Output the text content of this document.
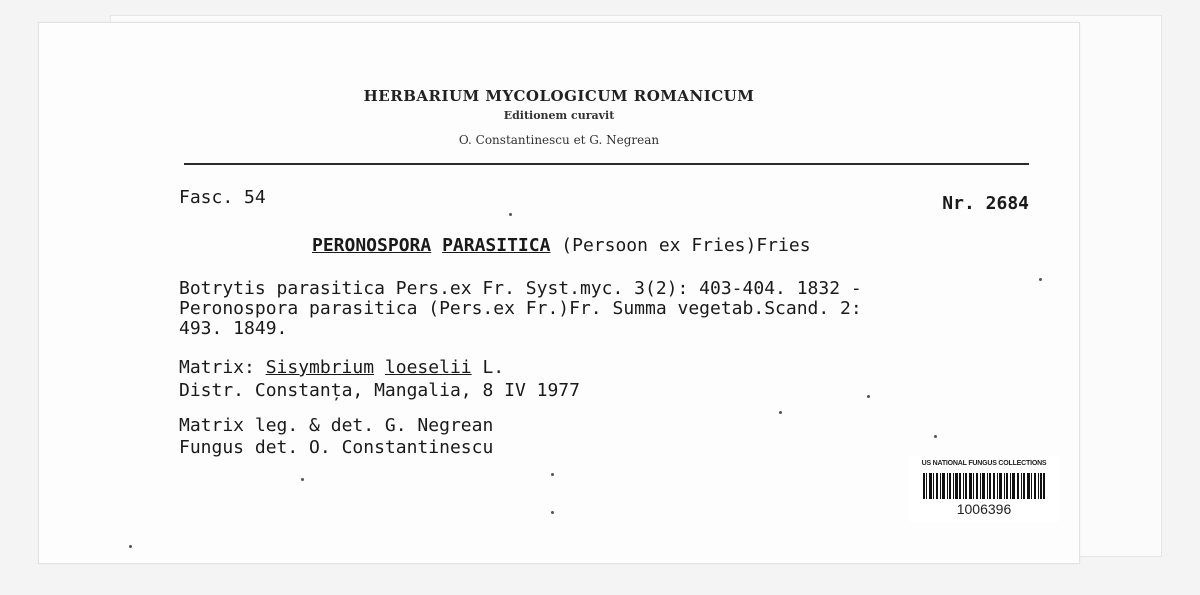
HERBARIUM MYCOLOGICUM ROMANICUM
Editionem curavit
O. Constantinescu et G. Negrean
Fasc. 54	Nr. 2684
PERONOSPORA PARASITICA (Persoon ex Fries)Fries
Botrytis parasitica Pers.ex Fr. Syst.myc. 3(2): 403-404. 1832 -
Peronospora parasitica (Pers.ex Fr.)Fr. Summa vegetab.Scand. 2:
493. 1849.
Matrix: Sisymbrium loeselii L.
Distr. Constanța, Mangalia, 8 IV 1977
Matrix leg. & det. G. Negrean
Fungus det. O. Constantinescu
US NATIONAL FUNGUS COLLECTIONS
1006396
